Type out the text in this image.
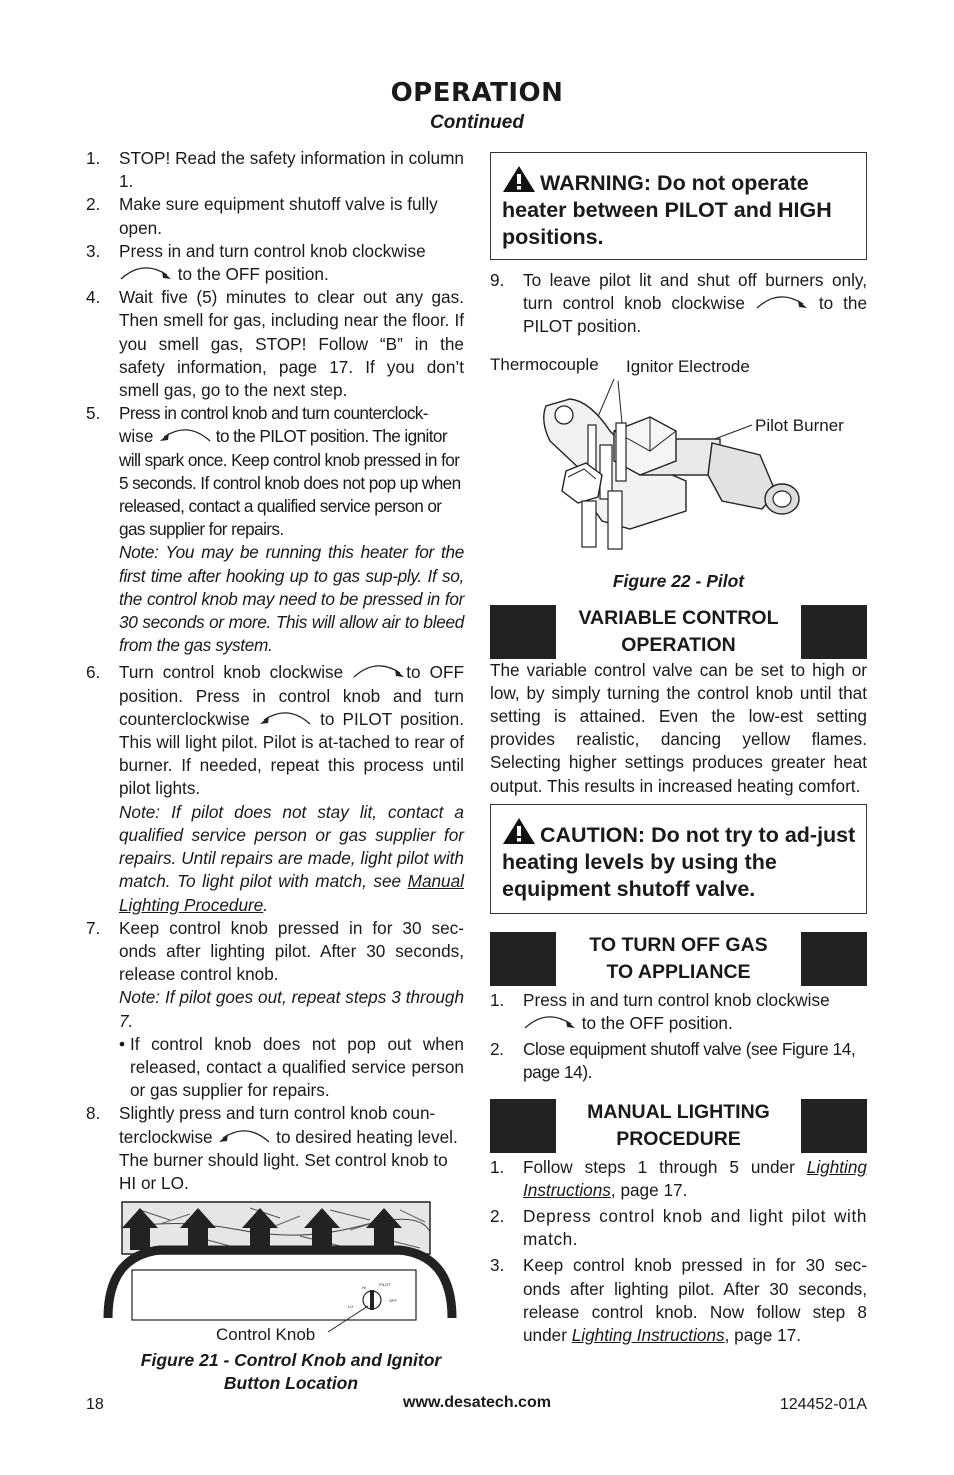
OPERATION
Continued
1. STOP! Read the safety information in column 1.
2. Make sure equipment shutoff valve is fully open.
3. Press in and turn control knob clockwise

to the OFF position.
4. Wait five (5) minutes to clear out any gas. Then smell for gas, including near the floor. If you smell gas, STOP! Follow “B” in the safety information, page 17. If you don’t smell gas, go to the next step.
5. Press in control knob and turn counterclock-
wise	to the PILOT position. The ignitor will spark once. Keep control knob pressed in for 5 seconds. If control knob does not pop up when released, contact a qualified service person or gas supplier for repairs.
Note: You may be running this heater for the first time after hooking up to gas sup-ply. If so, the control knob may need to be pressed in for 30 seconds or more. This will allow air to bleed from the gas system.
6. Turn control knob clockwise	to OFF position. Press in control knob and turn counterclockwise	to PILOT position. This will light pilot. Pilot is at-tached to rear of burner. If needed, repeat this process until pilot lights.
Note: If pilot does not stay lit, contact a qualified service person or gas supplier for repairs. Until repairs are made, light pilot with match. To light pilot with match, see Manual Lighting Procedure.
7. Keep control knob pressed in for 30 sec-onds after lighting pilot. After 30 seconds, release control knob.
Note: If pilot goes out, repeat steps 3 through 7.
• If control knob does not pop out when released, contact a qualified service person or gas supplier for repairs.
8. Slightly press and turn control knob coun-
terclockwise	to desired heating level. The burner should light. Set control knob to HI or LO.
PILOT
OFF
LO
HI
Control Knob
Figure 21 - Control Knob and Ignitor
Button Location
WARNING: Do not operate heater between PILOT and HIGH positions.
9. To leave pilot lit and shut off burners only, turn control knob clockwise	to the PILOT position.
Thermocouple Ignitor Electrode
Pilot Burner
Figure 22 - Pilot
VARIABLE CONTROL
OPERATION
The variable control valve can be set to high or low, by simply turning the control knob until that setting is attained. Even the low-est setting provides realistic, dancing yellow flames. Selecting higher settings produces greater heat output. This results in increased heating comfort.
CAUTION: Do not try to ad-just heating levels by using the equipment shutoff valve.
TO TURN OFF GAS
TO APPLIANCE
1. Press in and turn control knob clockwise

to the OFF position.
2. Close equipment shutoff valve (see Figure 14, page 14).
MANUAL LIGHTING
PROCEDURE
1. Follow steps 1 through 5 under Lighting Instructions, page 17.
2. Depress control knob and light pilot with match.
3. Keep control knob pressed in for 30 sec-onds after lighting pilot. After 30 seconds, release control knob. Now follow step 8 under Lighting Instructions, page 17.
18	www.desatech.com	124452-01A
